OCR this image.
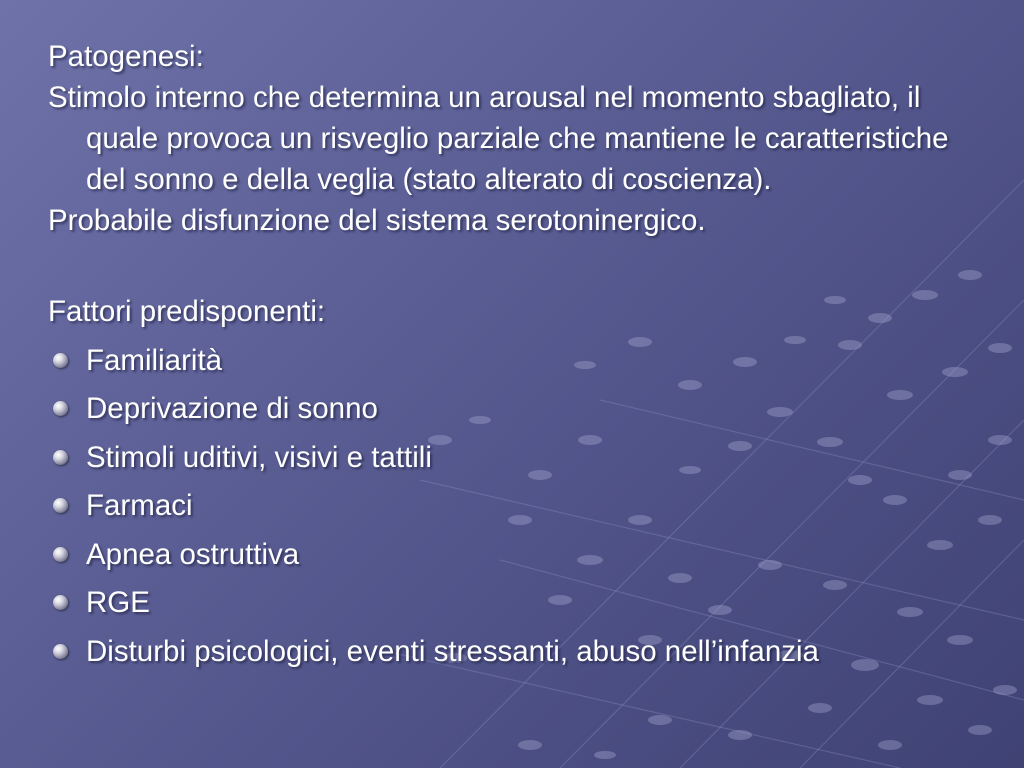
Patogenesi:

Stimolo interno che determina un arousal nel momento sbagliato, il quale provoca un risveglio parziale che mantiene le caratteristiche del sonno e della veglia (stato alterato di coscienza).

Probabile disfunzione del sistema serotoninergico.

Fattori predisponenti:

Familiarità
Deprivazione di sonno
Stimoli uditivi, visivi e tattili
Farmaci
Apnea ostruttiva
RGE
Disturbi psicologici, eventi stressanti, abuso nell’infanzia
